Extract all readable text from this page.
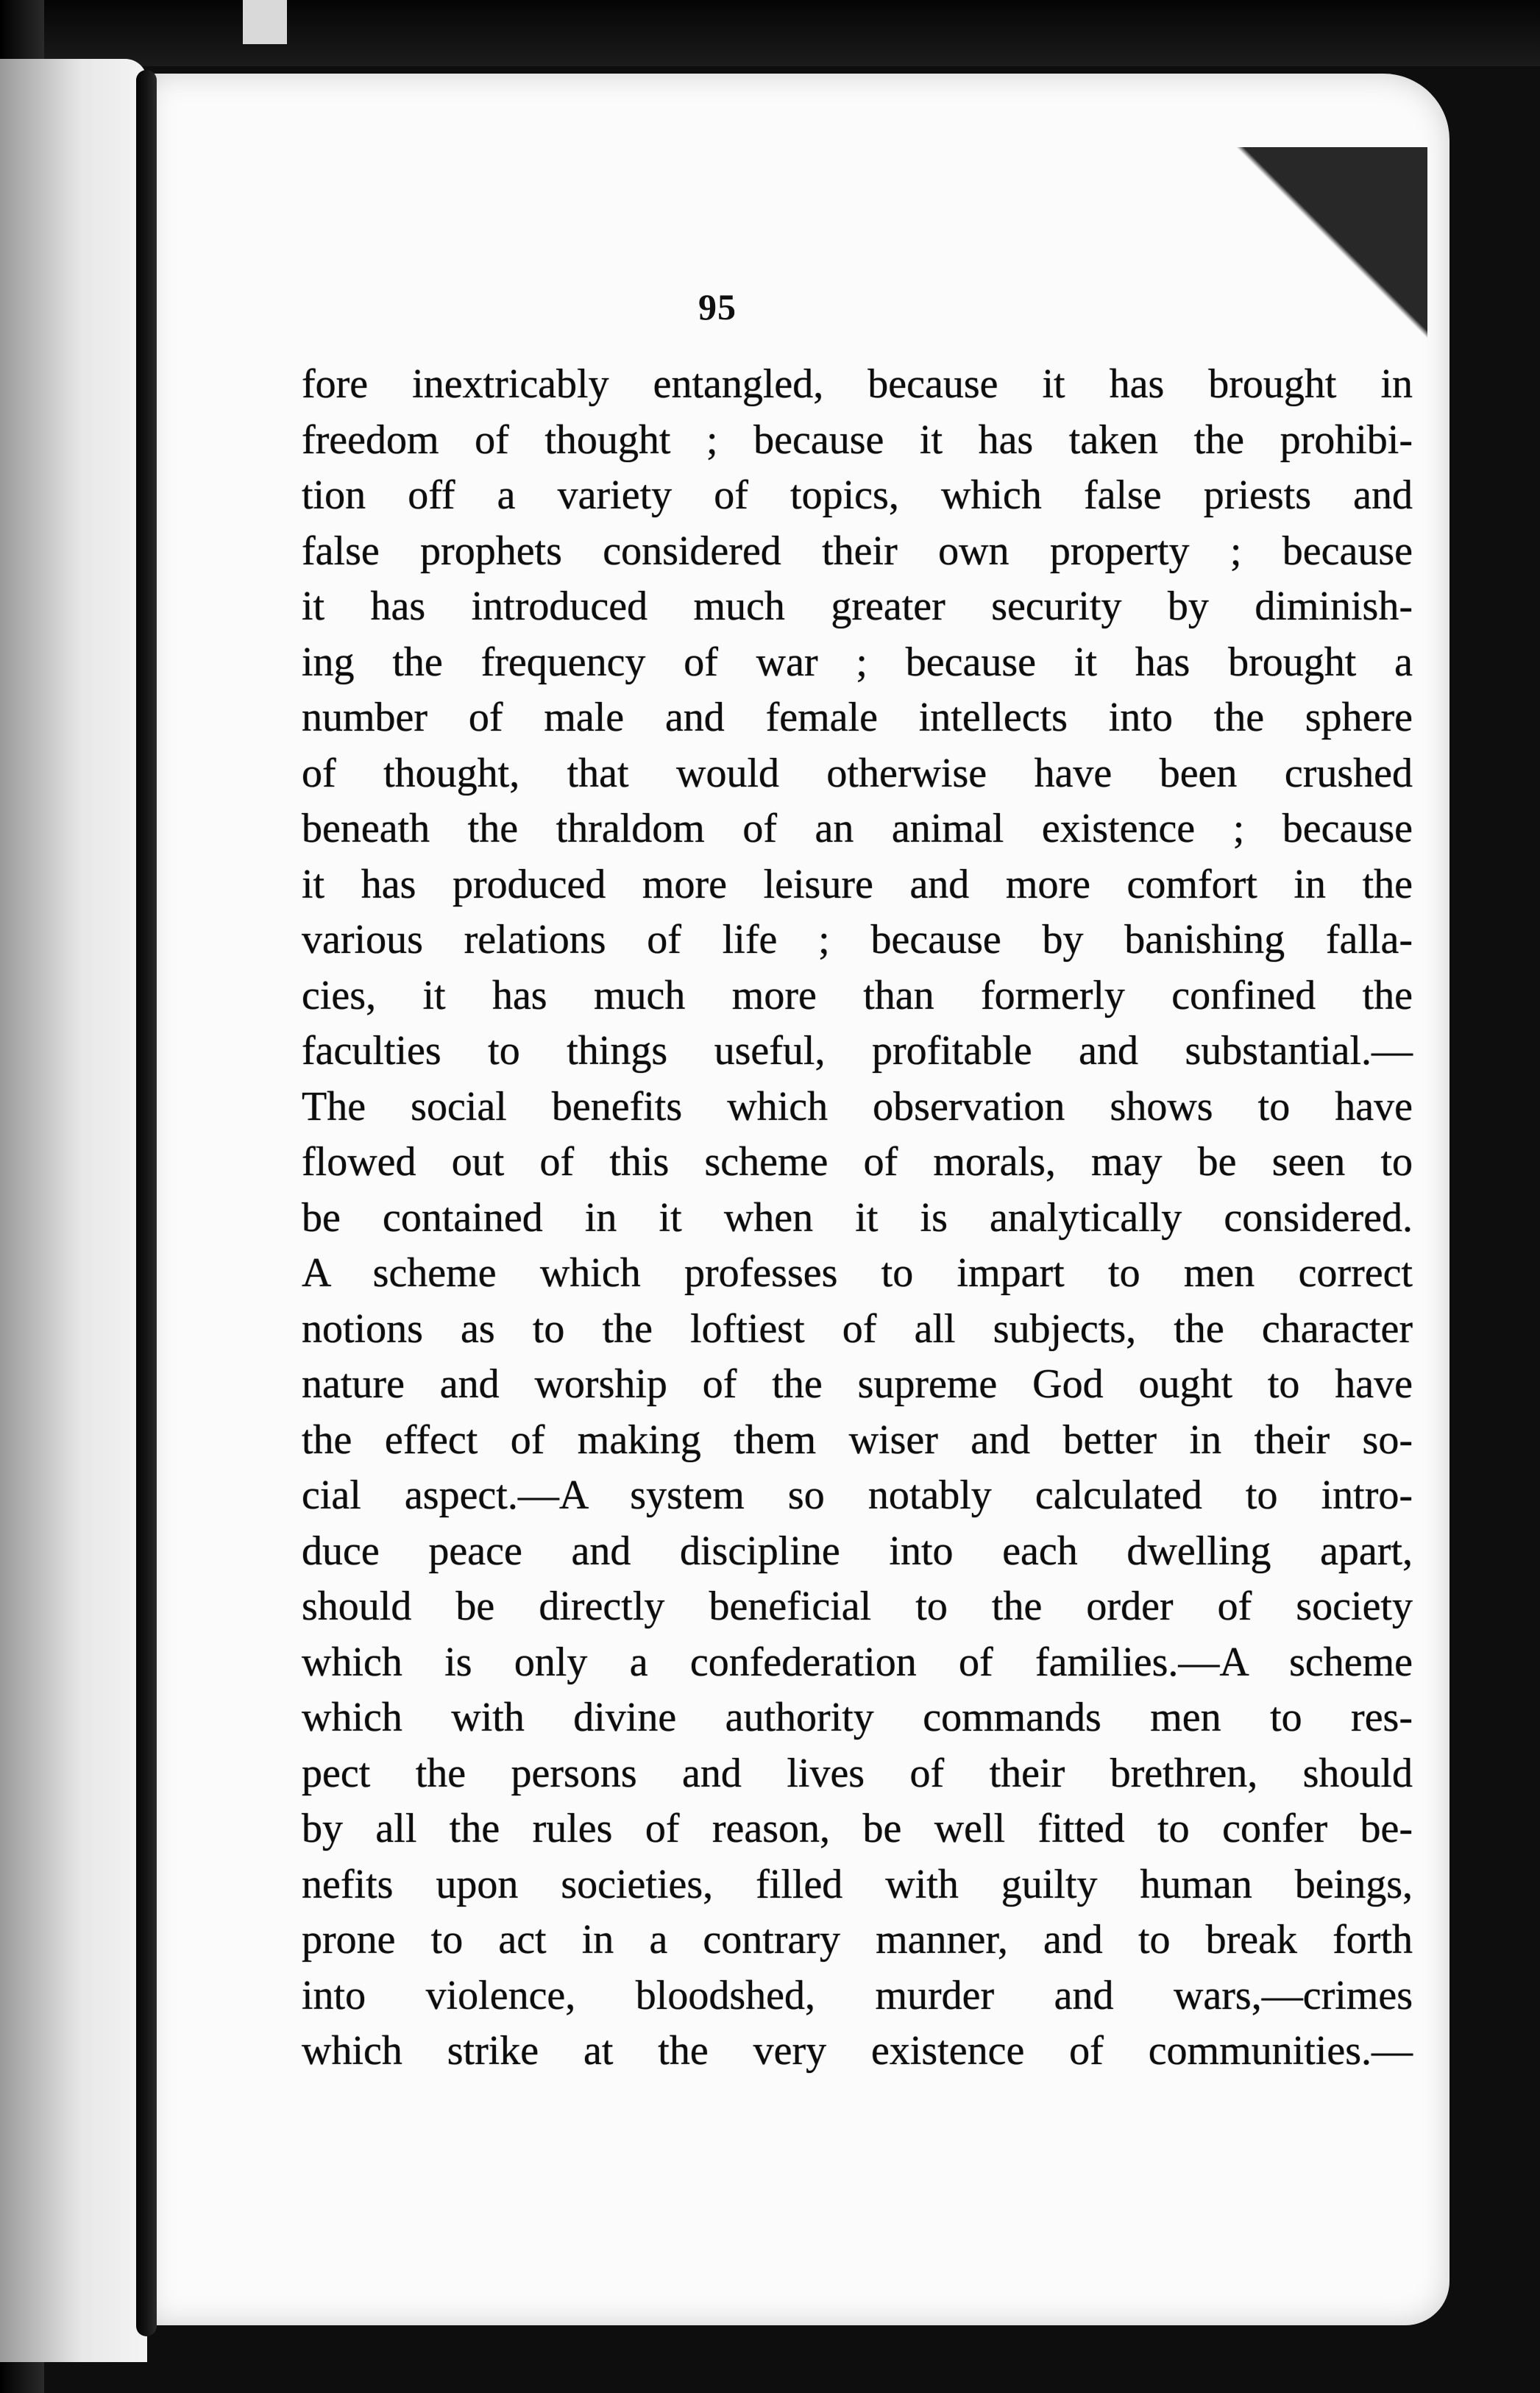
95
fore inextricably entangled, because it has brought in
freedom of thought ; because it has taken the prohibi-
tion off a variety of topics, which false priests and
false prophets considered their own property ; because
it has introduced much greater security by diminish-
ing the frequency of war ; because it has brought a
number of male and female intellects into the sphere
of thought, that would otherwise have been crushed
beneath the thraldom of an animal existence ; because
it has produced more leisure and more comfort in the
various relations of life ; because by banishing falla-
cies, it has much more than formerly confined the
faculties to things useful, profitable and substantial.—
The social benefits which observation shows to have
flowed out of this scheme of morals, may be seen to
be contained in it when it is analytically considered.
A scheme which professes to impart to men correct
notions as to the loftiest of all subjects, the character
nature and worship of the supreme God ought to have
the effect of making them wiser and better in their so-
cial aspect.—A system so notably calculated to intro-
duce peace and discipline into each dwelling apart,
should be directly beneficial to the order of society
which is only a confederation of families.—A scheme
which with divine authority commands men to res-
pect the persons and lives of their brethren, should
by all the rules of reason, be well fitted to confer be-
nefits upon societies, filled with guilty human beings,
prone to act in a contrary manner, and to break forth
into violence, bloodshed, murder and wars,—crimes
which strike at the very existence of communities.—
